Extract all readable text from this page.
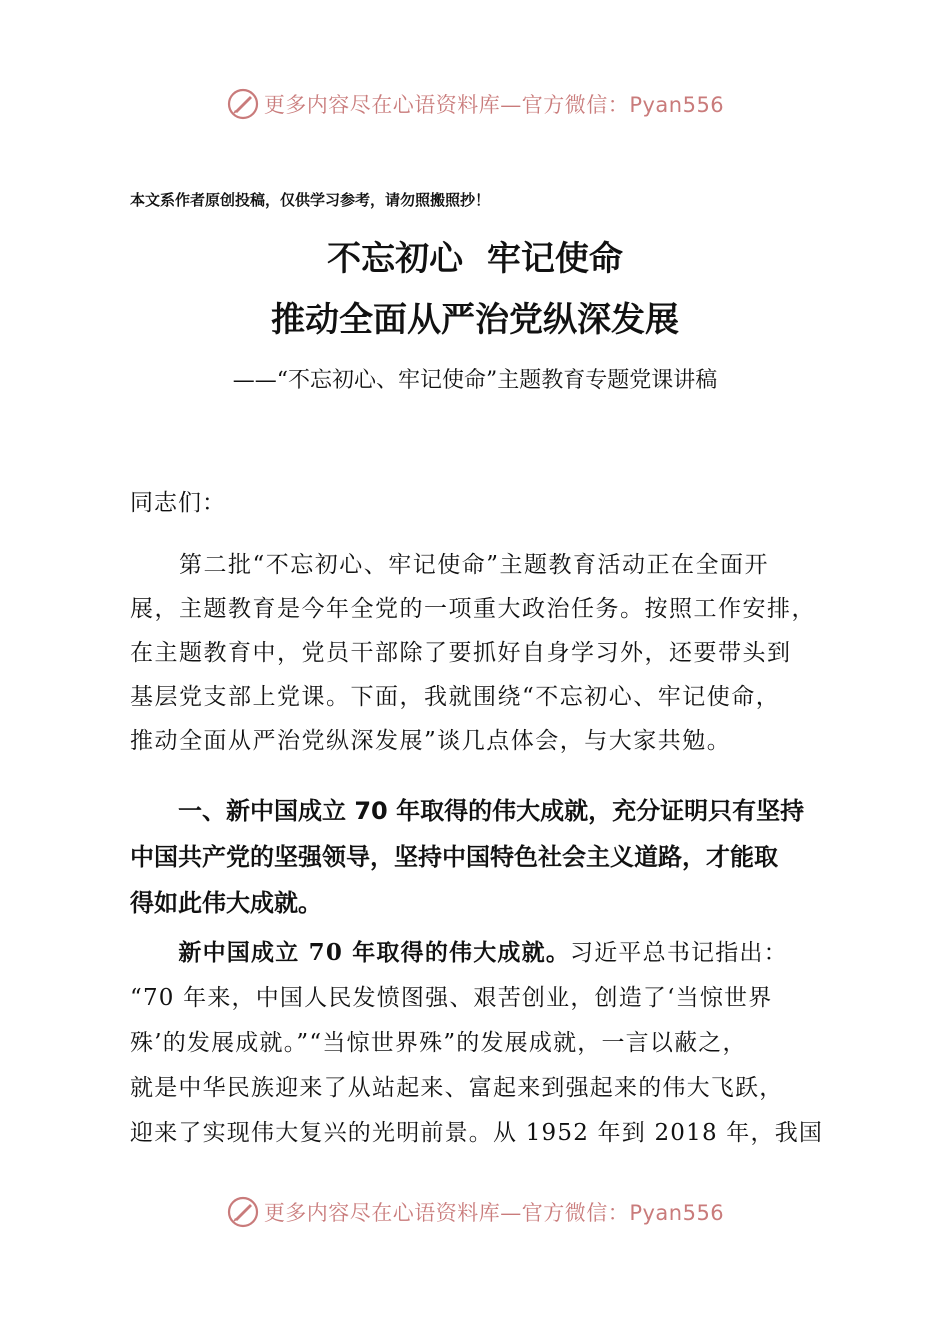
更多内容尽在心语资料库—官方微信：Pyan556
本文系作者原创投稿，仅供学习参考，请勿照搬照抄！
不忘初心  牢记使命
推动全面从严治党纵深发展
——“不忘初心、牢记使命”主题教育专题党课讲稿
同志们：
　　第二批“不忘初心、牢记使命”主题教育活动正在全面开
展，主题教育是今年全党的一项重大政治任务。按照工作安排，
在主题教育中，党员干部除了要抓好自身学习外，还要带头到
基层党支部上党课。下面，我就围绕“不忘初心、牢记使命，
推动全面从严治党纵深发展”谈几点体会，与大家共勉。
　　一、新中国成立 70 年取得的伟大成就，充分证明只有坚持
中国共产党的坚强领导，坚持中国特色社会主义道路，才能取
得如此伟大成就。
　　新中国成立 70 年取得的伟大成就。习近平总书记指出：
“70 年来，中国人民发愤图强、艰苦创业，创造了‘当惊世界
殊’的发展成就。”“当惊世界殊”的发展成就，一言以蔽之，
就是中华民族迎来了从站起来、富起来到强起来的伟大飞跃，
迎来了实现伟大复兴的光明前景。从 1952 年到 2018 年，我国
更多内容尽在心语资料库—官方微信：Pyan556
